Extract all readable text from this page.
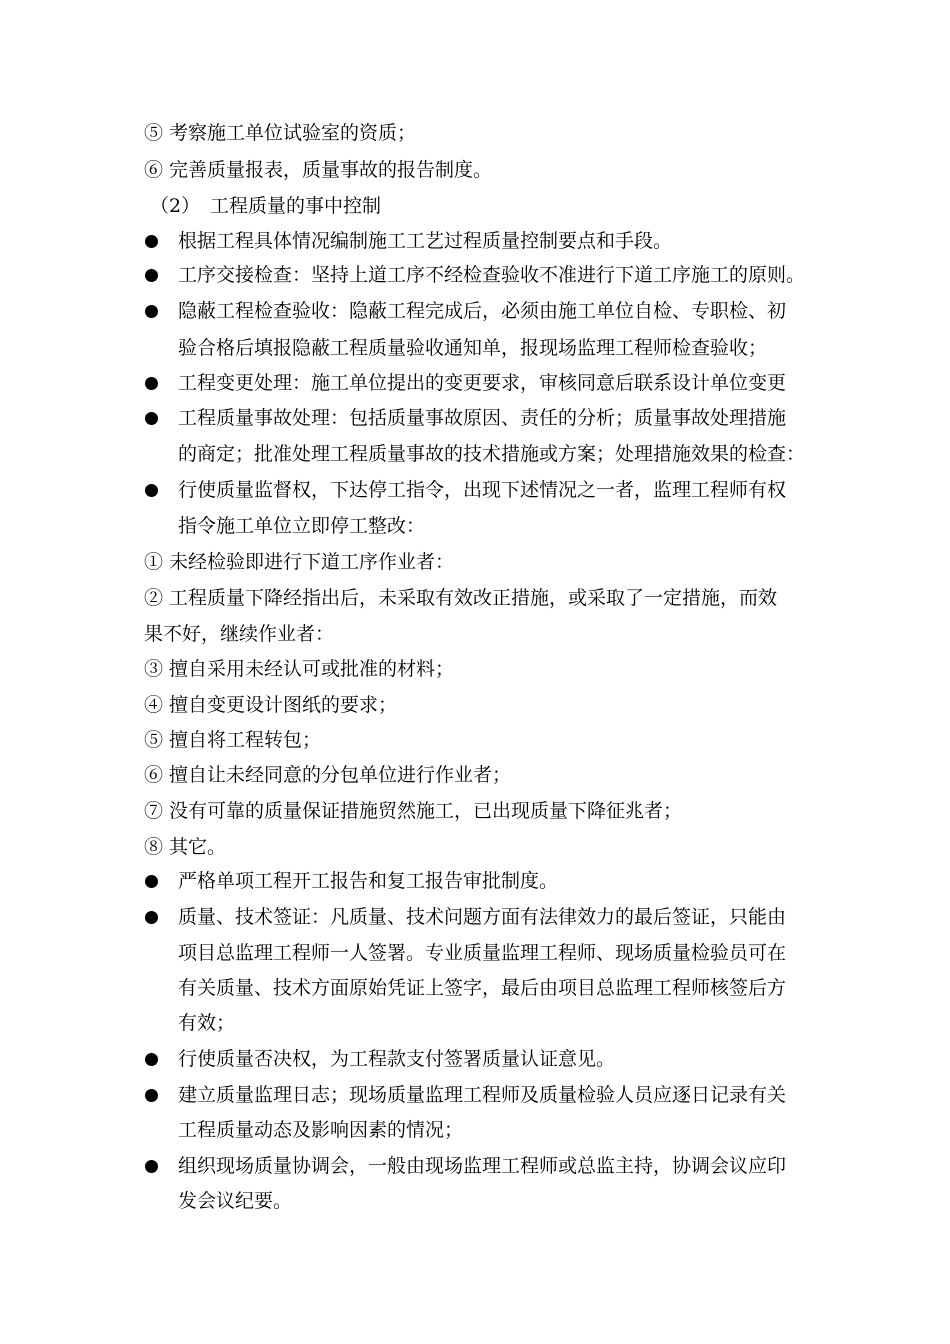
⑤ 考察施工单位试验室的资质；
⑥ 完善质量报表，质量事故的报告制度。
（2） 工程质量的事中控制
根据工程具体情况编制施工工艺过程质量控制要点和手段。
工序交接检查：坚持上道工序不经检查验收不准进行下道工序施工的原则。
隐蔽工程检查验收：隐蔽工程完成后，必须由施工单位自检、专职检、初
验合格后填报隐蔽工程质量验收通知单，报现场监理工程师检查验收；
工程变更处理：施工单位提出的变更要求，审核同意后联系设计单位变更
工程质量事故处理：包括质量事故原因、责任的分析；质量事故处理措施
的商定；批准处理工程质量事故的技术措施或方案；处理措施效果的检查：
行使质量监督权，下达停工指令，出现下述情况之一者，监理工程师有权
指令施工单位立即停工整改：
① 未经检验即进行下道工序作业者：
② 工程质量下降经指出后，未采取有效改正措施，或采取了一定措施，而效
果不好，继续作业者：
③ 擅自采用未经认可或批准的材料；
④ 擅自变更设计图纸的要求；
⑤ 擅自将工程转包；
⑥ 擅自让未经同意的分包单位进行作业者；
⑦ 没有可靠的质量保证措施贸然施工，已出现质量下降征兆者；
⑧ 其它。
严格单项工程开工报告和复工报告审批制度。
质量、技术签证：凡质量、技术问题方面有法律效力的最后签证，只能由
项目总监理工程师一人签署。专业质量监理工程师、现场质量检验员可在
有关质量、技术方面原始凭证上签字，最后由项目总监理工程师核签后方
有效；
行使质量否决权，为工程款支付签署质量认证意见。
建立质量监理日志；现场质量监理工程师及质量检验人员应逐日记录有关
工程质量动态及影响因素的情况；
组织现场质量协调会，一般由现场监理工程师或总监主持，协调会议应印
发会议纪要。
